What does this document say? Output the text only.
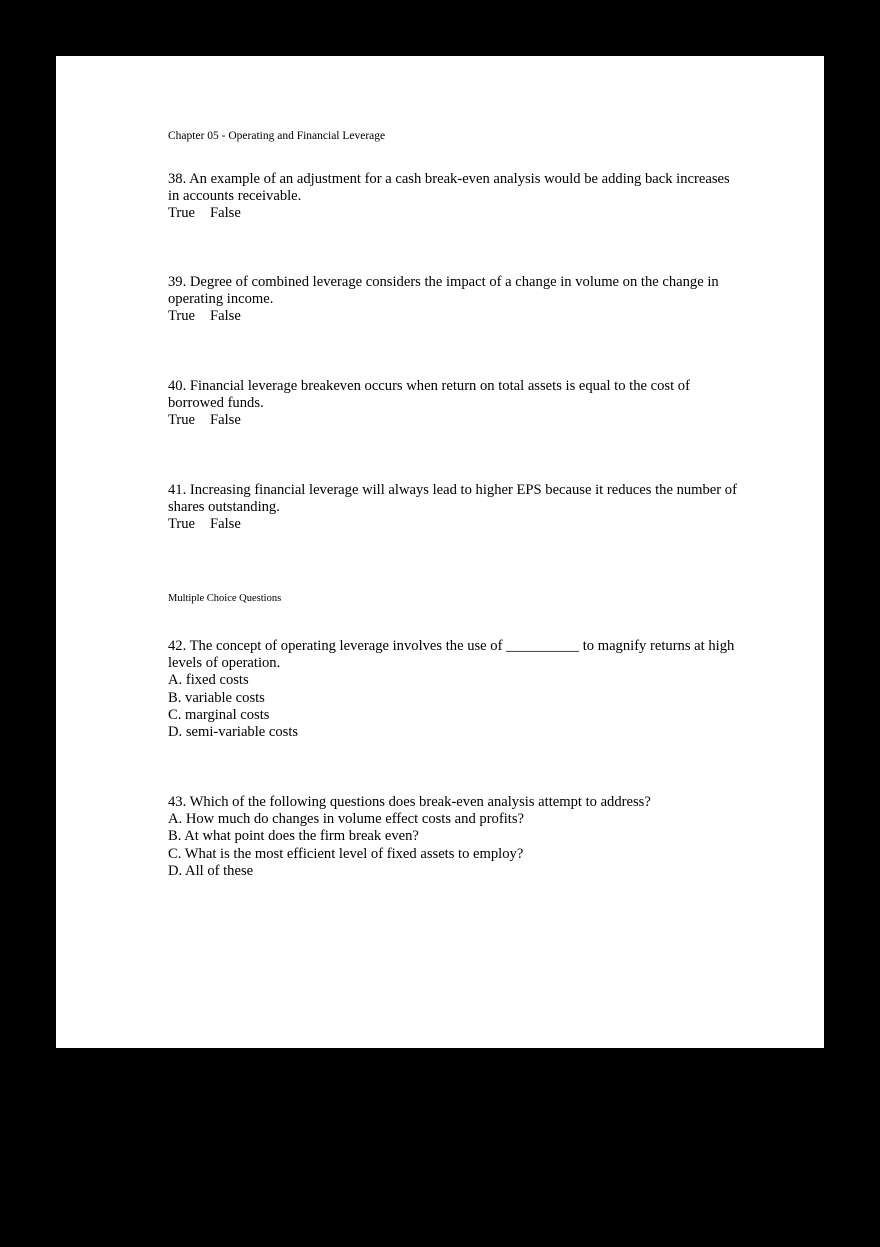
Chapter 05 - Operating and Financial Leverage
38. An example of an adjustment for a cash break-even analysis would be adding back increases in accounts receivable.
True False
39. Degree of combined leverage considers the impact of a change in volume on the change in operating income.
True False
40. Financial leverage breakeven occurs when return on total assets is equal to the cost of borrowed funds.
True False
41. Increasing financial leverage will always lead to higher EPS because it reduces the number of shares outstanding.
True False
Multiple Choice Questions
42. The concept of operating leverage involves the use of __________ to magnify returns at high levels of operation.
A. fixed costs
B. variable costs
C. marginal costs
D. semi-variable costs
43. Which of the following questions does break-even analysis attempt to address?
A. How much do changes in volume effect costs and profits?
B. At what point does the firm break even?
C. What is the most efficient level of fixed assets to employ?
D. All of these
